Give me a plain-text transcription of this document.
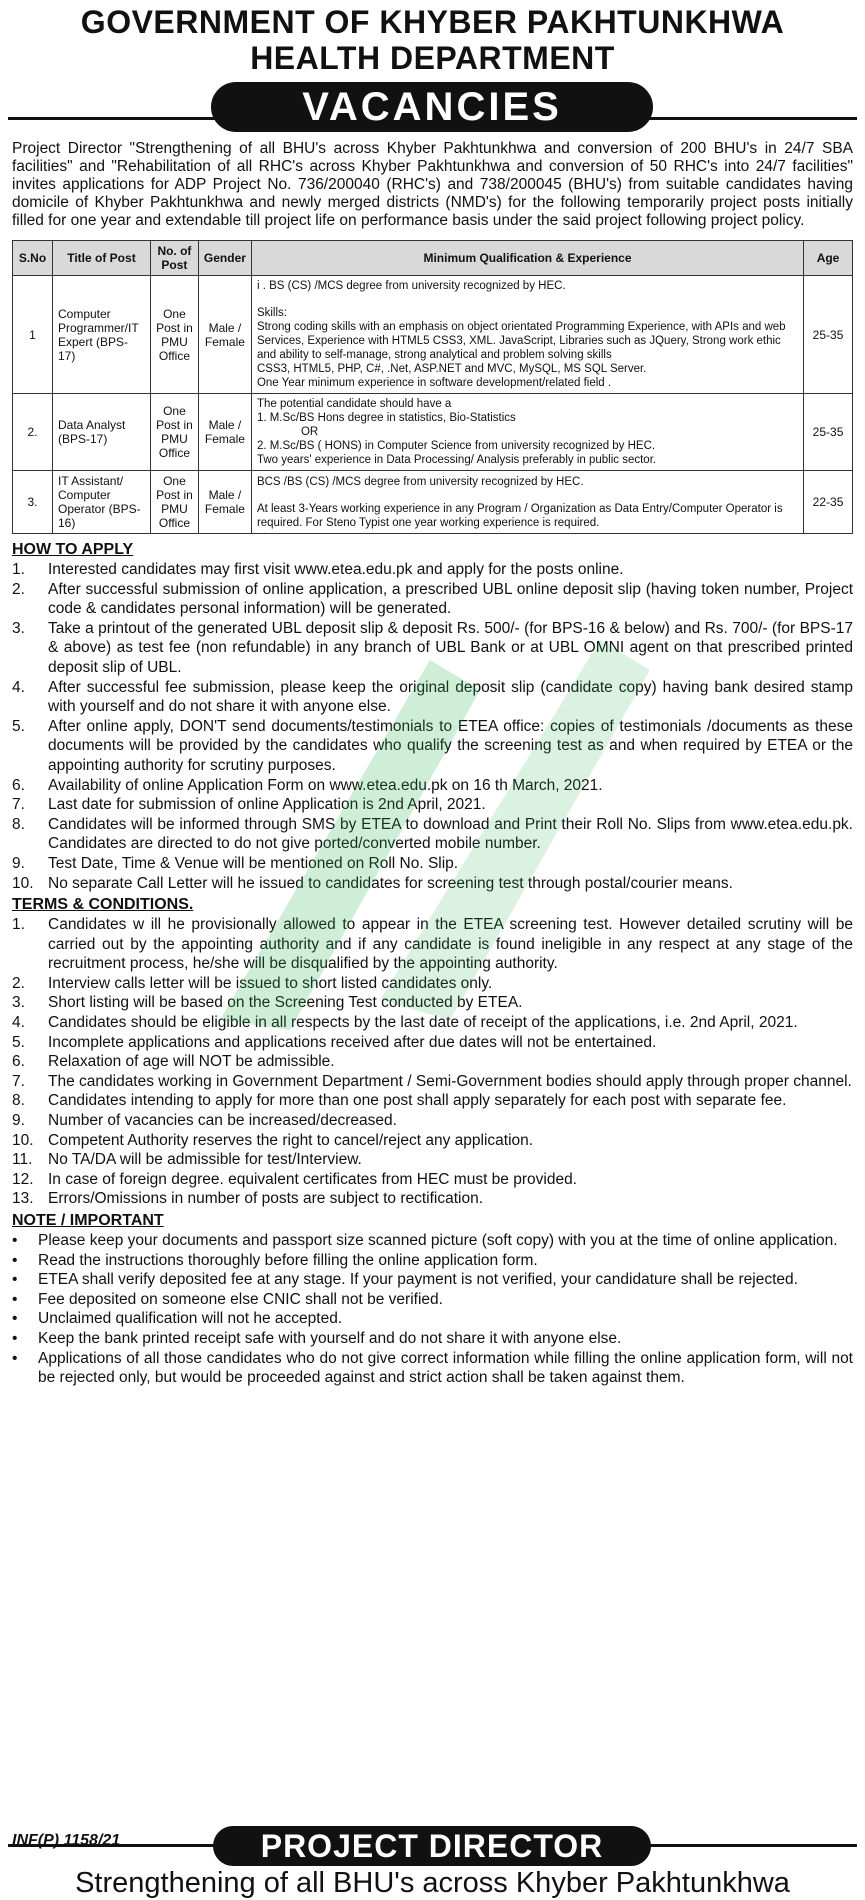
GOVERNMENT OF KHYBER PAKHTUNKHWA
HEALTH DEPARTMENT
VACANCIES
Project Director "Strengthening of all BHU's across Khyber Pakhtunkhwa and conversion of 200 BHU's in 24/7 SBA facilities" and "Rehabilitation of all RHC's across Khyber Pakhtunkhwa and conversion of 50 RHC's into 24/7 facilities" invites applications for ADP Project No. 736/200040 (RHC's) and 738/200045 (BHU's) from suitable candidates having domicile of Khyber Pakhtunkhwa and newly merged districts (NMD's) for the following temporarily project posts initially filled for one year and extendable till project life on performance basis under the said project following project policy.
S.No	Title of Post	No. of Post	Gender	Minimum Qualification & Experience	Age
1	Computer Programmer/IT Expert (BPS-17)	One Post in PMU Office	Male / Female	i . BS (CS) /MCS degree from university recognized by HEC.
Skills:
Strong coding skills with an emphasis on object orientated Programming Experience, with APIs and web Services, Experience with HTML5 CSS3, XML. JavaScript, Libraries such as JQuery, Strong work ethic and ability to self-manage, strong analytical and problem solving skills
CSS3, HTML5, PHP, C#, .Net, ASP.NET and MVC, MySQL, MS SQL Server.
One Year minimum experience in software development/related field .	25-35
2.	Data Analyst (BPS-17)	One Post in PMU Office	Male / Female	The potential candidate should have a
1. M.Sc/BS Hons degree in statistics, Bio-Statistics
OR
2. M.Sc/BS ( HONS) in Computer Science from university recognized by HEC.
Two years' experience in Data Processing/ Analysis preferably in public sector.	25-35
3.	IT Assistant/ Computer Operator (BPS- 16)	One Post in PMU Office	Male / Female	BCS /BS (CS) /MCS degree from university recognized by HEC.
At least 3-Years working experience in any Program / Organization as Data Entry/Computer Operator is required. For Steno Typist one year working experience is required.	22-35
HOW TO APPLY
1.	Interested candidates may first visit www.etea.edu.pk and apply for the posts online.
2.	After successful submission of online application, a prescribed UBL online deposit slip (having token number, Project code & candidates personal information) will be generated.
3.	Take a printout of the generated UBL deposit slip & deposit Rs. 500/- (for BPS-16 & below) and Rs. 700/- (for BPS-17 & above) as test fee (non refundable) in any branch of UBL Bank or at UBL OMNI agent on that prescribed printed deposit slip of UBL.
4.	After successful fee submission, please keep the original deposit slip (candidate copy) having bank desired stamp with yourself and do not share it with anyone else.
5.	After online apply, DON'T send documents/testimonials to ETEA office: copies of testimonials /documents as these documents will be provided by the candidates who qualify the screening test as and when required by ETEA or the appointing authority for scrutiny purposes.
6.	Availability of online Application Form on www.etea.edu.pk on 16 th March, 2021.
7.	Last date for submission of online Application is 2nd April, 2021.
8.	Candidates will be informed through SMS by ETEA to download and Print their Roll No. Slips from www.etea.edu.pk. Candidates are directed to do not give ported/converted mobile number.
9.	Test Date, Time & Venue will be mentioned on Roll No. Slip.
10. No separate Call Letter will he issued to candidates for screening test through postal/courier means.
TERMS & CONDITIONS.
1.	Candidates w ill he provisionally allowed to appear in the ETEA screening test. However detailed scrutiny will be carried out by the appointing authority and if any candidate is found ineligible in any respect at any stage of the recruitment process, he/she will be disqualified by the appointing authority.
2.	Interview calls letter will be issued to short listed candidates only.
3.	Short listing will be based on the Screening Test conducted by ETEA.
4.	Candidates should be eligible in all respects by the last date of receipt of the applications, i.e. 2nd April, 2021.
5.	Incomplete applications and applications received after due dates will not be entertained.
6.	Relaxation of age will NOT be admissible.
7.	The candidates working in Government Department / Semi-Government bodies should apply through proper channel.
8.	Candidates intending to apply for more than one post shall apply separately for each post with separate fee.
9.	Number of vacancies can be increased/decreased.
10. Competent Authority reserves the right to cancel/reject any application.
11.	No TA/DA will be admissible for test/Interview.
12. In case of foreign degree. equivalent certificates from HEC must be provided.
13. Errors/Omissions in number of posts are subject to rectification.
NOTE / IMPORTANT
•	Please keep your documents and passport size scanned picture (soft copy) with you at the time of online application.
•	Read the instructions thoroughly before filling the online application form.
•	ETEA shall verify deposited fee at any stage. If your payment is not verified, your candidature shall be rejected.
•	Fee deposited on someone else CNIC shall not be verified.
•	Unclaimed qualification will not he accepted.
•	Keep the bank printed receipt safe with yourself and do not share it with anyone else.
•	Applications of all those candidates who do not give correct information while filling the online application form, will not be rejected only, but would be proceeded against and strict action shall be taken against them.
INF(P) 1158/21	PROJECT DIRECTOR
Strengthening of all BHU's across Khyber Pakhtunkhwa
